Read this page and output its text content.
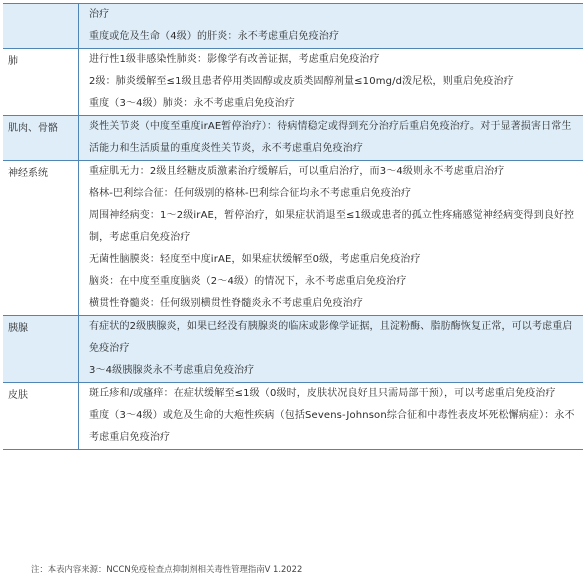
治疗
重度或危及生命（4级）的肝炎：永不考虑重启免疫治疗
肺	进行性1级非感染性肺炎：影像学有改善证据，考虑重启免疫治疗
2级：肺炎缓解至≤1级且患者停用类固醇或皮质类固醇剂量≤10mg/d泼尼松，则重启免疫治疗
重度（3～4级）肺炎：永不考虑重启免疫治疗
肌肉、骨骼	炎性关节炎（中度至重度irAE暂停治疗）：待病情稳定或得到充分治疗后重启免疫治疗。对于显著损害日常生活能力和生活质量的重度炎性关节炎，永不考虑重启免疫治疗
神经系统	重症肌无力：2级且经糖皮质激素治疗缓解后，可以重启治疗，而3～4级则永不考虑重启治疗
格林-巴利综合征：任何级别的格林-巴利综合征均永不考虑重启免疫治疗
周围神经病变：1～2级irAE，暂停治疗，如果症状消退至≤1级或患者的孤立性疼痛感觉神经病变得到良好控制，考虑重启免疫治疗
无菌性脑膜炎：轻度至中度irAE，如果症状缓解至0级，考虑重启免疫治疗
脑炎：在中度至重度脑炎（2～4级）的情况下，永不考虑重启免疫治疗
横贯性脊髓炎：任何级别横贯性脊髓炎永不考虑重启免疫治疗
胰腺	有症状的2级胰腺炎，如果已经没有胰腺炎的临床或影像学证据，且淀粉酶、脂肪酶恢复正常，可以考虑重启免疫治疗
3～4级胰腺炎永不考虑重启免疫治疗
皮肤	斑丘疹和/或瘙痒：在症状缓解至≤1级（0级时，皮肤状况良好且只需局部干预），可以考虑重启免疫治疗
重度（3～4级）或危及生命的大疱性疾病（包括Sevens-Johnson综合征和中毒性表皮坏死松懈病症）：永不考虑重启免疫治疗
注：本表内容来源：NCCN免疫检查点抑制剂相关毒性管理指南V 1.2022
